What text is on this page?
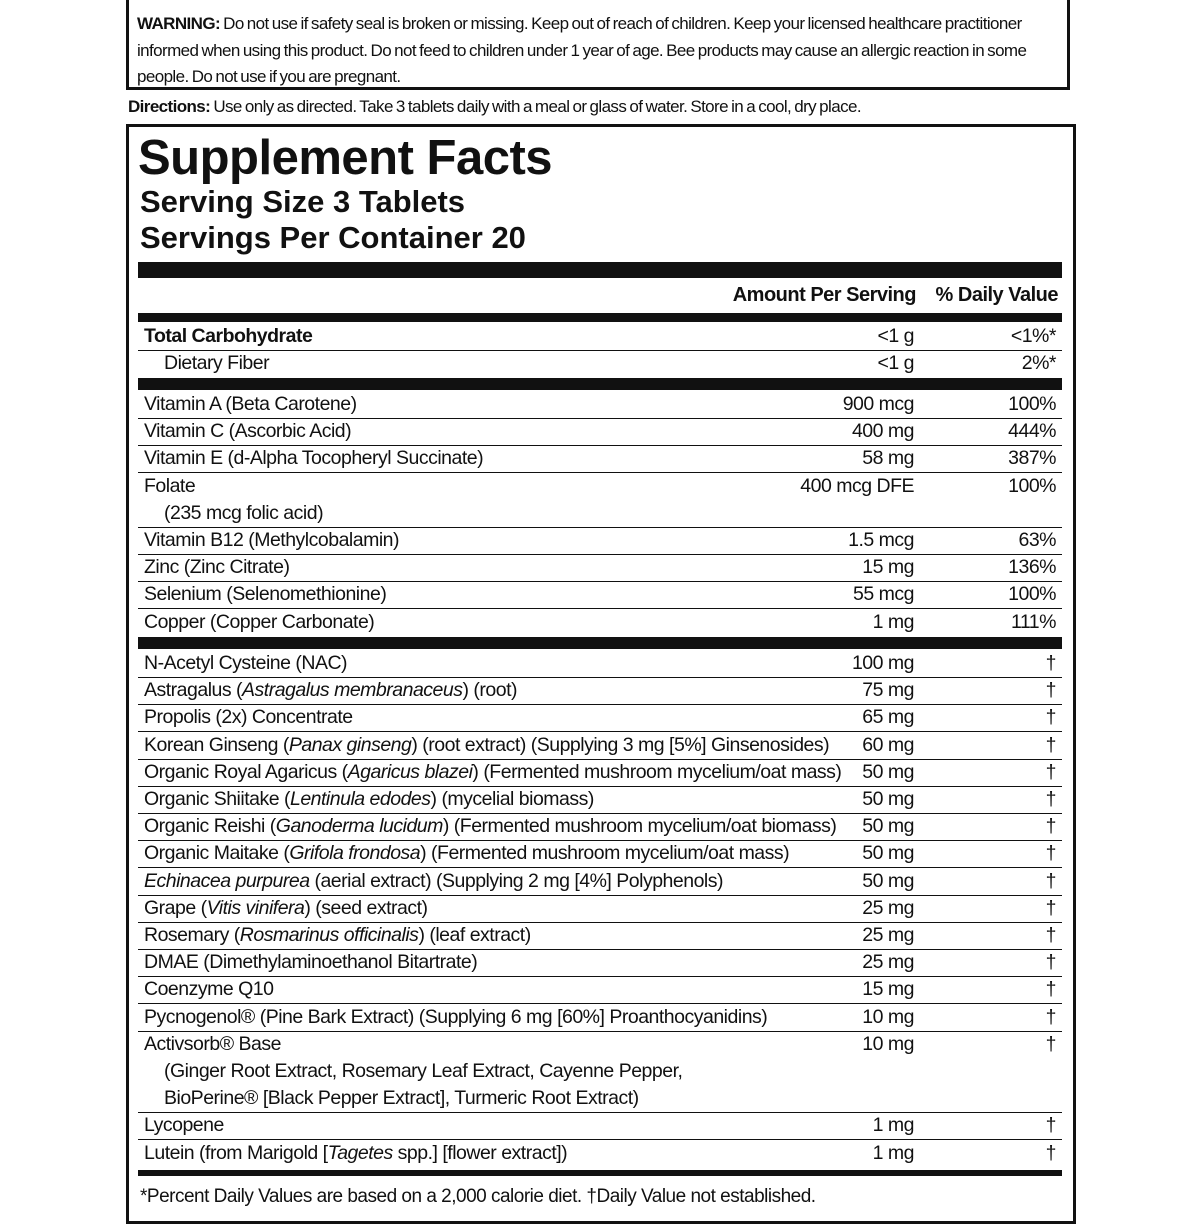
WARNING: Do not use if safety seal is broken or missing. Keep out of reach of children. Keep your licensed healthcare practitioner informed when using this product. Do not feed to children under 1 year of age. Bee products may cause an allergic reaction in some people. Do not use if you are pregnant.
Directions: Use only as directed. Take 3 tablets daily with a meal or glass of water. Store in a cool, dry place.
Supplement Facts
Serving Size 3 Tablets
Servings Per Container 20
Amount Per Serving % Daily Value
Total Carbohydrate	<1 g	<1%*
Dietary Fiber	<1 g	2%*
Vitamin A (Beta Carotene)	900 mcg	100%
Vitamin C (Ascorbic Acid)	400 mg	444%
Vitamin E (d-Alpha Tocopheryl Succinate)	58 mg	387%
Folate	400 mcg DFE	100%
(235 mcg folic acid)
Vitamin B12 (Methylcobalamin)	1.5 mcg	63%
Zinc (Zinc Citrate)	15 mg	136%
Selenium (Selenomethionine)	55 mcg	100%
Copper (Copper Carbonate)	1 mg	111%
N-Acetyl Cysteine (NAC)	100 mg	†
Astragalus (Astragalus membranaceus) (root)	75 mg	†
Propolis (2x) Concentrate	65 mg	†
Korean Ginseng (Panax ginseng) (root extract) (Supplying 3 mg [5%] Ginsenosides) 60 mg	†
Organic Royal Agaricus (Agaricus blazei) (Fermented mushroom mycelium/oat mass) 50 mg	†
Organic Shiitake (Lentinula edodes) (mycelial biomass)	50 mg	†
Organic Reishi (Ganoderma lucidum) (Fermented mushroom mycelium/oat biomass) 50 mg	†
Organic Maitake (Grifola frondosa) (Fermented mushroom mycelium/oat mass)	50 mg	†
Echinacea purpurea (aerial extract) (Supplying 2 mg [4%] Polyphenols)	50 mg	†
Grape (Vitis vinifera) (seed extract)	25 mg	†
Rosemary (Rosmarinus officinalis) (leaf extract)	25 mg	†
DMAE (Dimethylaminoethanol Bitartrate)	25 mg	†
Coenzyme Q10	15 mg	†
Pycnogenol® (Pine Bark Extract) (Supplying 6 mg [60%] Proanthocyanidins)	10 mg	†
Activsorb® Base	10 mg	†
(Ginger Root Extract, Rosemary Leaf Extract, Cayenne Pepper,
BioPerine® [Black Pepper Extract], Turmeric Root Extract)
Lycopene	1 mg	†
Lutein (from Marigold [Tagetes spp.] [flower extract])	1 mg	†
*Percent Daily Values are based on a 2,000 calorie diet. †Daily Value not established.
